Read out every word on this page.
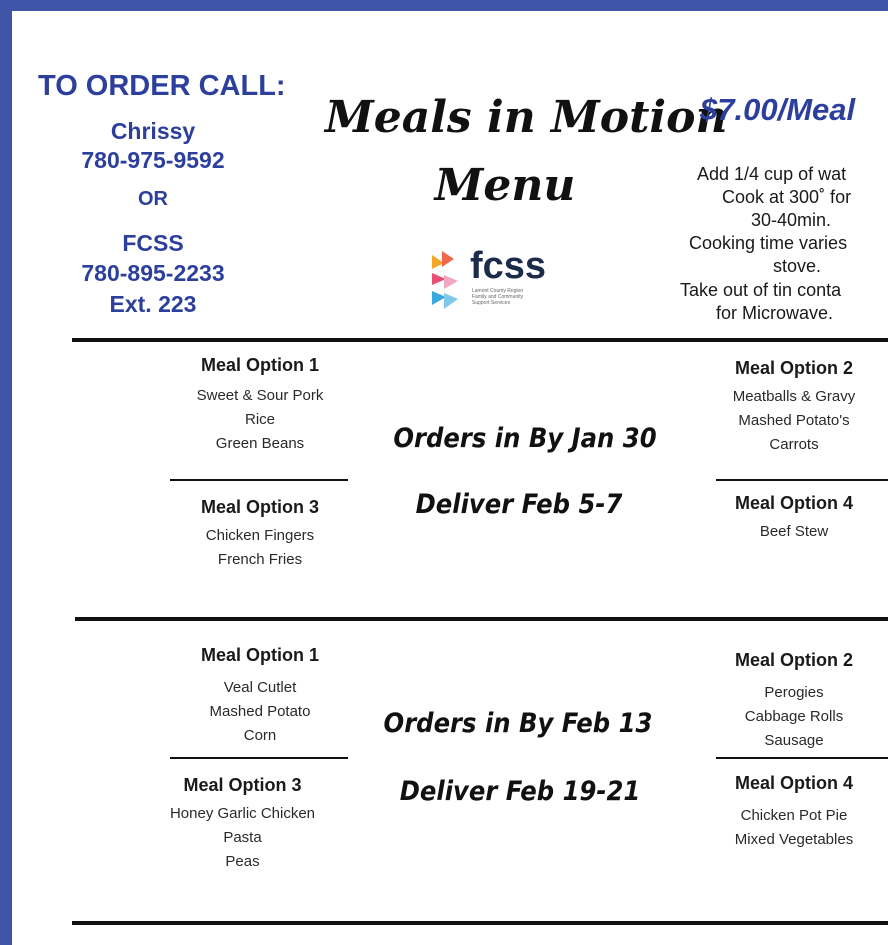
TO ORDER CALL:
Chrissy
780-975-9592
OR
FCSS
780-895-2233
Ext. 223
Meals in Motion
Menu
fcss
Lamont County Region
Family and Community
Support Services
$7.00/Meal
Add 1/4 cup of wat
Cook at 300˚ for
30-40min.
Cooking time varies
stove.
Take out of tin conta
for Microwave.
Meal Option 1
Sweet & Sour Pork
Rice
Green Beans
Meal Option 3
Chicken Fingers
French Fries
Meal Option 2
Meatballs & Gravy
Mashed Potato's
Carrots
Meal Option 4
Beef Stew
Orders in By Jan 30
Deliver Feb 5-7
Meal Option 1
Veal Cutlet
Mashed Potato
Corn
Meal Option 3
Honey Garlic Chicken
Pasta
Peas
Meal Option 2
Perogies
Cabbage Rolls
Sausage
Meal Option 4
Chicken Pot Pie
Mixed Vegetables
Orders in By Feb 13
Deliver Feb 19-21
